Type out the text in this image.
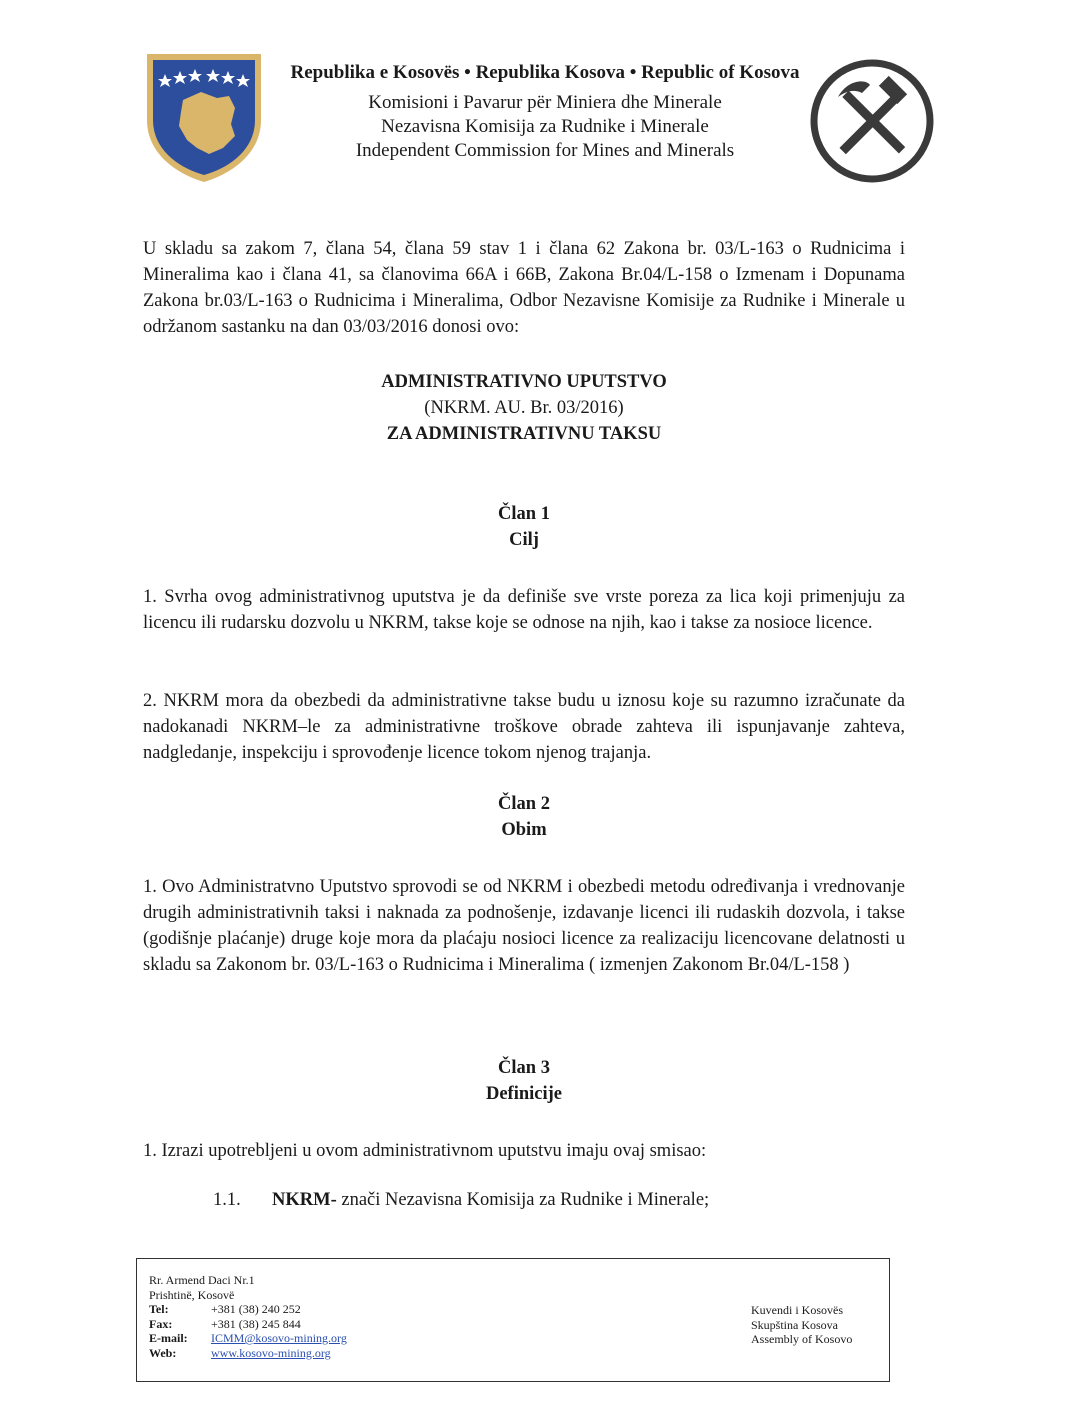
Republika e Kosovës • Republika Kosova • Republic of Kosova
Komisioni i Pavarur për Miniera dhe Minerale
Nezavisna Komisija za Rudnike i Minerale
Independent Commission for Mines and Minerals
U skladu sa zakom 7, člana 54, člana 59 stav 1 i člana 62 Zakona br. 03/L-163 o Rudnicima i Mineralima kao i člana 41, sa članovima 66A i 66B, Zakona Br.04/L-158 o Izmenam i Dopunama Zakona br.03/L-163 o Rudnicima i Mineralima, Odbor Nezavisne Komisije za Rudnike i Minerale u održanom sastanku na dan 03/03/2016 donosi ovo:
ADMINISTRATIVNO UPUTSTVO
(NKRM. AU. Br. 03/2016)
ZA ADMINISTRATIVNU TAKSU
Član 1
Cilj
1. Svrha ovog administrativnog uputstva je da definiše sve vrste poreza za lica koji primenjuju za licencu ili rudarsku dozvolu u NKRM, takse koje se odnose na njih, kao i takse za nosioce licence.
2. NKRM mora da obezbedi da administrativne takse budu u iznosu koje su razumno izračunate da nadokanadi NKRM–le za administrativne troškove obrade zahteva ili ispunjavanje zahteva, nadgledanje, inspekciju i sprovođenje licence tokom njenog trajanja.
Član 2
Obim
1. Ovo Administratvno Uputstvo sprovodi se od NKRM i obezbedi metodu određivanja i vrednovanje drugih administrativnih taksi i naknada za podnošenje, izdavanje licenci ili rudaskih dozvola, i takse (godišnje plaćanje) druge koje mora da plaćaju nosioci licence za realizaciju licencovane delatnosti u skladu sa Zakonom br. 03/L-163 o Rudnicima i Mineralima ( izmenjen Zakonom Br.04/L-158 )
Član 3
Definicije
1. Izrazi upotrebljeni u ovom administrativnom uputstvu imaju ovaj smisao:
1.1. NKRM- znači Nezavisna Komisija za Rudnike i Minerale;
Rr. Armend Daci Nr.1
Prishtinë, Kosovë
Tel:	+381 (38) 240 252
Fax:	+381 (38) 245 844
E-mail: ICMM@kosovo-mining.org
Web:	www.kosovo-mining.org
Kuvendi i Kosovës
Skupština Kosova
Assembly of Kosovo
